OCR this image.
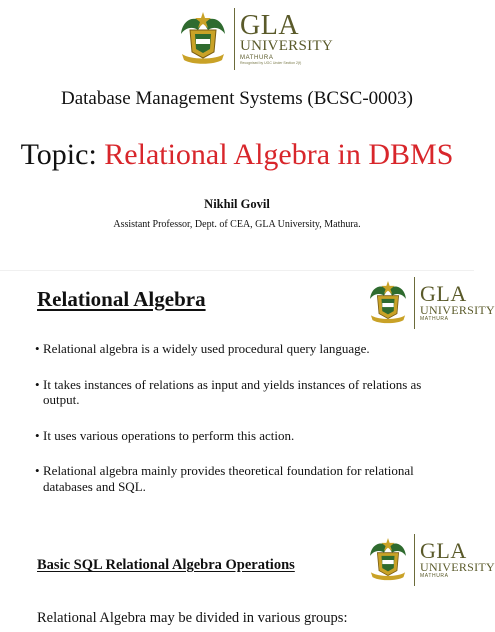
GLA
UNIVERSITY
MATHURA
Recognised by UGC Under Section 2(f)
Database Management Systems (BCSC-0003)
Topic: Relational Algebra in DBMS
Nikhil Govil
Assistant Professor, Dept. of CEA, GLA University, Mathura.
Relational Algebra	GLA
UNIVERSITY
MATHURA
• Relational algebra is a widely used procedural query language.
• It takes instances of relations as input and yields instances of relations as output.
• It uses various operations to perform this action.
• Relational algebra mainly provides theoretical foundation for relational databases and SQL.
Basic SQL Relational Algebra Operations
GLA
UNIVERSITY
MATHURA
Relational Algebra may be divided in various groups:
